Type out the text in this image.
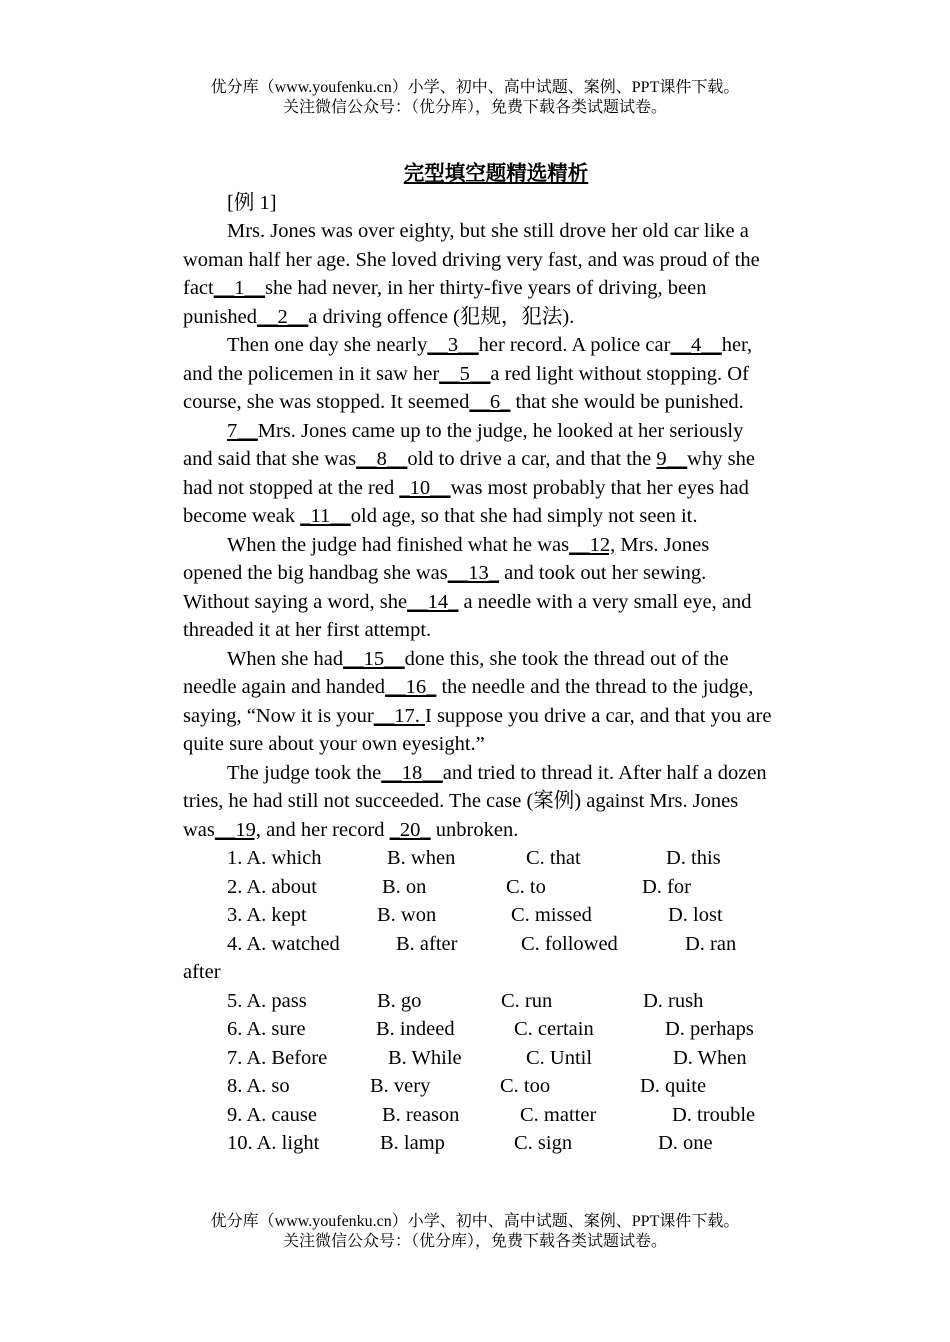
优分库（www.youfenku.cn）小学、初中、高中试题、案例、PPT课件下载。
关注微信公众号：（优分库），免费下载各类试题试卷。
完型填空题精选精析
[例 1]

Mrs. Jones was over eighty, but she still drove her old car like a woman half her age. She loved driving very fast, and was proud of the fact__1__she had never, in her thirty-five years of driving, been punished__2__a driving offence (犯规，犯法).

Then one day she nearly__3__her record. A police car__4__her, and the policemen in it saw her__5__a red light without stopping. Of course, she was stopped. It seemed__6_ that she would be punished.

7__Mrs. Jones came up to the judge, he looked at her seriously and said that she was__8__old to drive a car, and that the 9__why she had not stopped at the red _10__was most probably that her eyes had become weak _11__old age, so that she had simply not seen it.

When the judge had finished what he was__12, Mrs. Jones opened the big handbag she was__13_ and took out her sewing. Without saying a word, she__14_ a needle with a very small eye, and threaded it at her first attempt.

When she had__15__done this, she took the thread out of the needle again and handed__16_ the needle and the thread to the judge, saying, “Now it is your__17. I suppose you drive a car, and that you are quite sure about your own eyesight.”

The judge took the__18__and tried to thread it. After half a dozen tries, he had still not succeeded. The case (案例) against Mrs. Jones was__19, and her record _20_ unbroken.

1. A. which	B. when	C. that	D. this
2. A. about	B. on	C. to	D. for
3. A. kept	B. won	C. missed	D. lost
4. A. watched	B. after	C. followed	D. ran
after
5. A. pass	B. go	C. run	D. rush
6. A. sure	B. indeed	C. certain	D. perhaps
7. A. Before	B. While	C. Until	D. When
8. A. so	B. very	C. too	D. quite
9. A. cause	B. reason	C. matter	D. trouble
10. A. light	B. lamp	C. sign	D. one
优分库（www.youfenku.cn）小学、初中、高中试题、案例、PPT课件下载。
关注微信公众号：（优分库），免费下载各类试题试卷。
